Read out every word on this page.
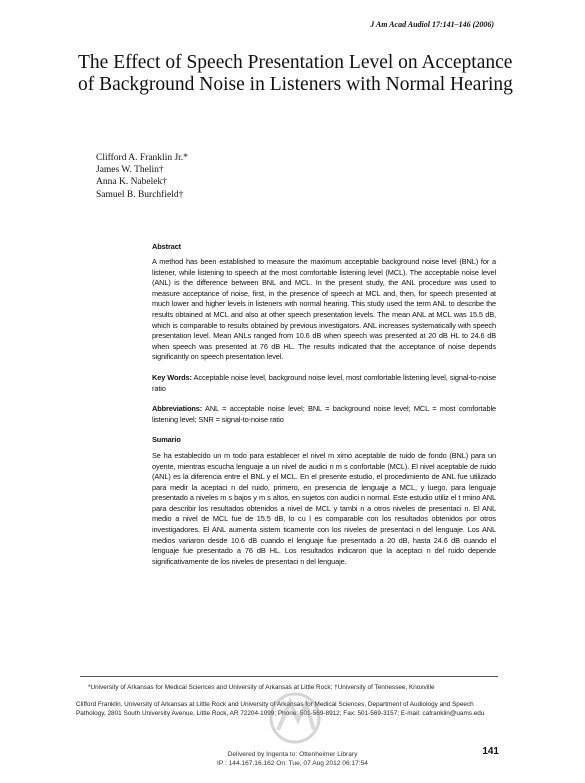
J Am Acad Audiol 17:141–146 (2006)
The Effect of Speech Presentation Level on Acceptance of Background Noise in Listeners with Normal Hearing
Clifford A. Franklin Jr.*
James W. Thelin†
Anna K. Nabelek†
Samuel B. Burchfield†
Abstract

A method has been established to measure the maximum acceptable background noise level (BNL) for a listener, while listening to speech at the most comfortable listening level (MCL). The acceptable noise level (ANL) is the difference between BNL and MCL. In the present study, the ANL procedure was used to measure acceptance of noise, first, in the presence of speech at MCL and, then, for speech presented at much lower and higher levels in listeners with normal hearing. This study used the term ANL to describe the results obtained at MCL and also at other speech presentation levels. The mean ANL at MCL was 15.5 dB, which is comparable to results obtained by previous investigators. ANL increases systematically with speech presentation level. Mean ANLs ranged from 10.6 dB when speech was presented at 20 dB HL to 24.6 dB when speech was presented at 76 dB HL. The results indicated that the acceptance of noise depends significantly on speech presentation level.

Key Words: Acceptable noise level, background noise level, most comfortable listening level, signal-to-noise ratio

Abbreviations: ANL = acceptable noise level; BNL = background noise level; MCL = most comfortable listening level; SNR = signal-to-noise ratio

Sumario

Se ha establecido un m todo para establecer el nivel m ximo aceptable de ruido de fondo (BNL) para un oyente, mientras escucha lenguaje a un nivel de audici n m s confortable (MCL). El nivel aceptable de ruido (ANL) es la diferencia entre el BNL y el MCL. En el presente estudio, el procedimiento de ANL fue utilizado para medir la aceptaci n del ruido, primero, en presencia de lenguaje a MCL, y luego, para lenguaje presentado a niveles m s bajos y m s altos, en sujetos con audici n normal. Este estudio utiliz el t rmino ANL para describir los resultados obtenidos a nivel de MCL y tambi n a otros niveles de presentaci n. El ANL medio a nivel de MCL fue de 15.5 dB, lo cu l es comparable con los resultados obtenidos por otros investigadores. El ANL aumenta sistem ticamente con los niveles de presentaci n del lenguaje. Los ANL medios variaron desde 10.6 dB cuando el lenguaje fue presentado a 20 dB, hasta 24.6 dB cuando el lenguaje fue presentado a 76 dB HL. Los resultados indicaron que la aceptaci n del ruido depende significativamente de los niveles de presentaci n del lenguaje.

*University of Arkansas for Medical Sciences and University of Arkansas at Little Rock; †University of Tennessee, Knoxville
Clifford Franklin, University of Arkansas at Little Rock and University of Arkansas for Medical Sciences, Department of Audiology and Speech Pathology, 2801 South University Avenue, Little Rock, AR 72204-1099; Phone: 501-569-8912; Fax: 501-569-3157; E-mail: cafranklin@uams.edu
Delivered by Ingenta to: Ottenheimer Library
IP : 144.167.16.162 On: Tue, 07 Aug 2012 06:17:54
141
